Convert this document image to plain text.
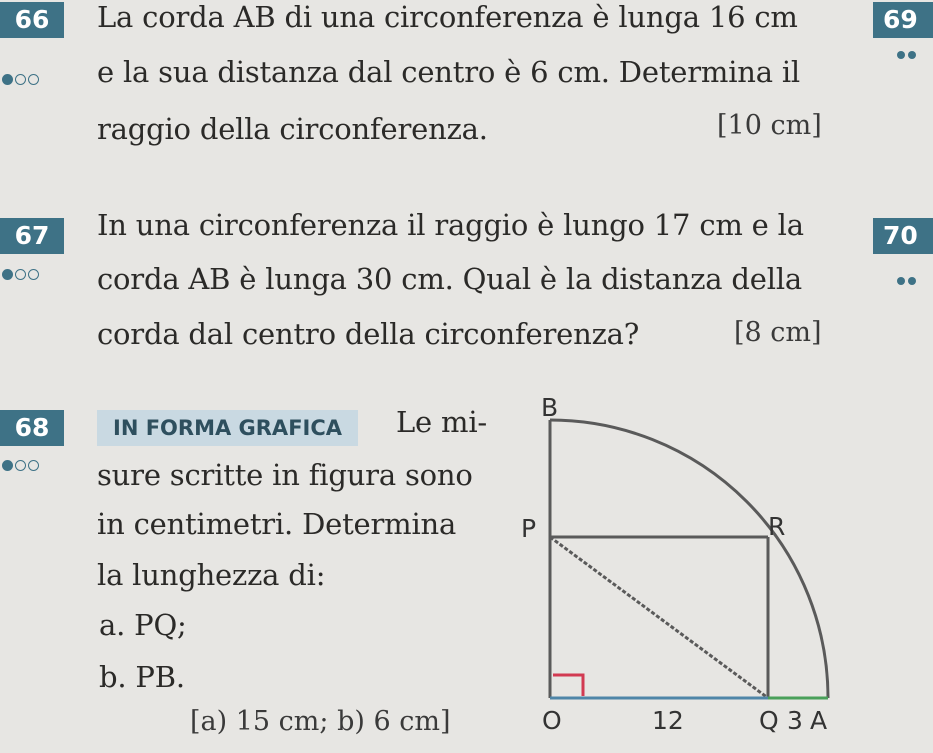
66	La corda AB di una circonferenza è lunga 16 cm
e la sua distanza dal centro è 6 cm. Determina il
raggio della circonferenza.	[10 cm]
67	In una circonferenza il raggio è lungo 17 cm e la
corda AB è lunga 30 cm. Qual è la distanza della
corda dal centro della circonferenza?	[8 cm]
68	IN FORMA GRAFICA	Le mi-
sure scritte in figura sono
in centimetri. Determina
la lunghezza di:
a. PQ;
b. PB.
[a) 15 cm; b) 6 cm]
69
70
B
P	R
O	12	Q 3 A
